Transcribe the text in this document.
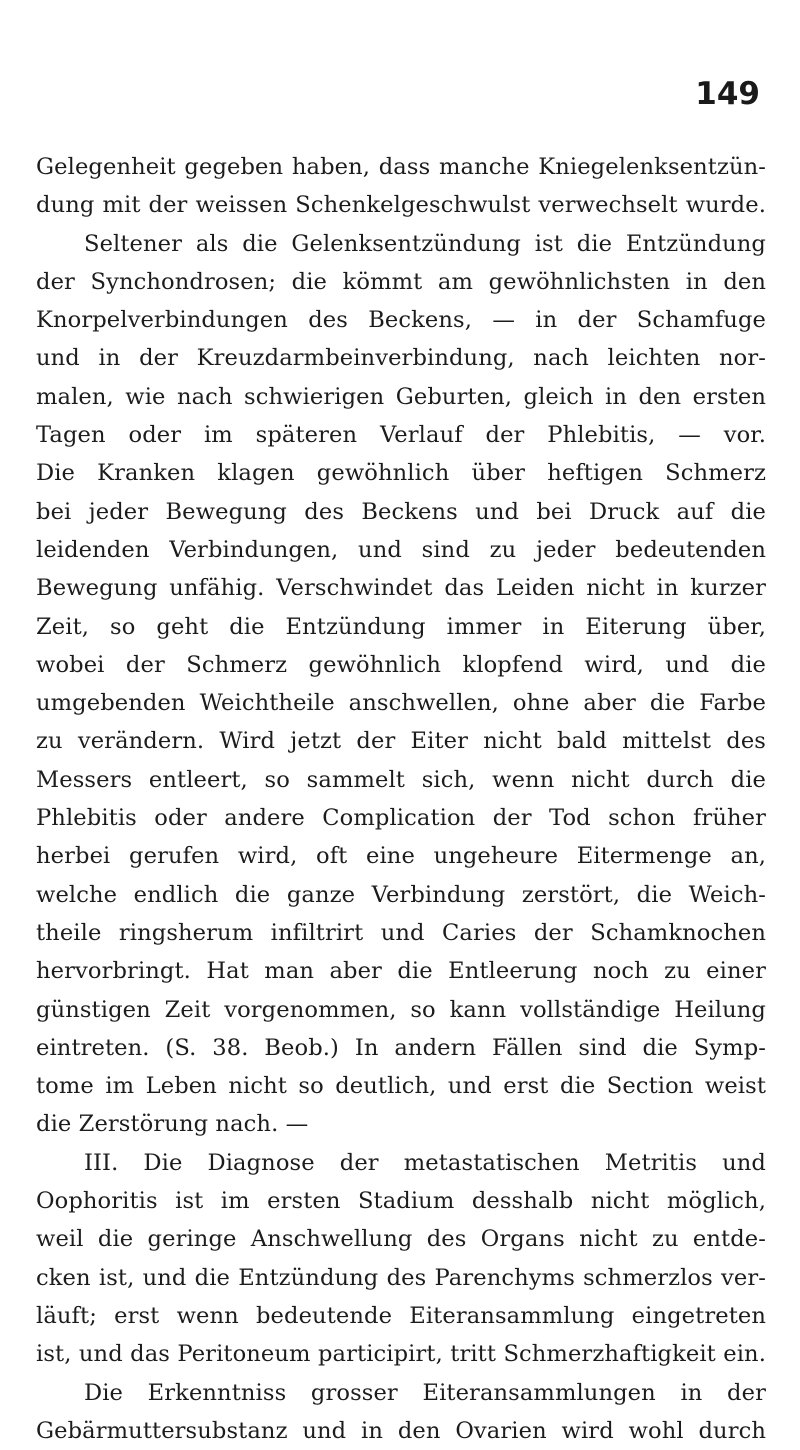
149
Gelegenheit gegeben haben, dass manche Kniegelenksentzün-
dung mit der weissen Schenkelgeschwulst verwechselt wurde.
Seltener als die Gelenksentzündung ist die Entzündung
der Synchondrosen; die kömmt am gewöhnlichsten in den
Knorpelverbindungen des Beckens, — in der Schamfuge
und in der Kreuzdarmbeinverbindung, nach leichten nor-
malen, wie nach schwierigen Geburten, gleich in den ersten
Tagen oder im späteren Verlauf der Phlebitis, — vor.
Die Kranken klagen gewöhnlich über heftigen Schmerz
bei jeder Bewegung des Beckens und bei Druck auf die
leidenden Verbindungen, und sind zu jeder bedeutenden
Bewegung unfähig. Verschwindet das Leiden nicht in kurzer
Zeit, so geht die Entzündung immer in Eiterung über,
wobei der Schmerz gewöhnlich klopfend wird, und die
umgebenden Weichtheile anschwellen, ohne aber die Farbe
zu verändern. Wird jetzt der Eiter nicht bald mittelst des
Messers entleert, so sammelt sich, wenn nicht durch die
Phlebitis oder andere Complication der Tod schon früher
herbei gerufen wird, oft eine ungeheure Eitermenge an,
welche endlich die ganze Verbindung zerstört, die Weich-
theile ringsherum infiltrirt und Caries der Schamknochen
hervorbringt. Hat man aber die Entleerung noch zu einer
günstigen Zeit vorgenommen, so kann vollständige Heilung
eintreten. (S. 38. Beob.) In andern Fällen sind die Symp-
tome im Leben nicht so deutlich, und erst die Section weist
die Zerstörung nach. —
III. Die Diagnose der metastatischen Metritis und
Oophoritis ist im ersten Stadium desshalb nicht möglich,
weil die geringe Anschwellung des Organs nicht zu entde-
cken ist, und die Entzündung des Parenchyms schmerzlos ver-
läuft; erst wenn bedeutende Eiteransammlung eingetreten
ist, und das Peritoneum participirt, tritt Schmerzhaftigkeit ein.
Die Erkenntniss grosser Eiteransammlungen in der
Gebärmuttersubstanz und in den Ovarien wird wohl durch
